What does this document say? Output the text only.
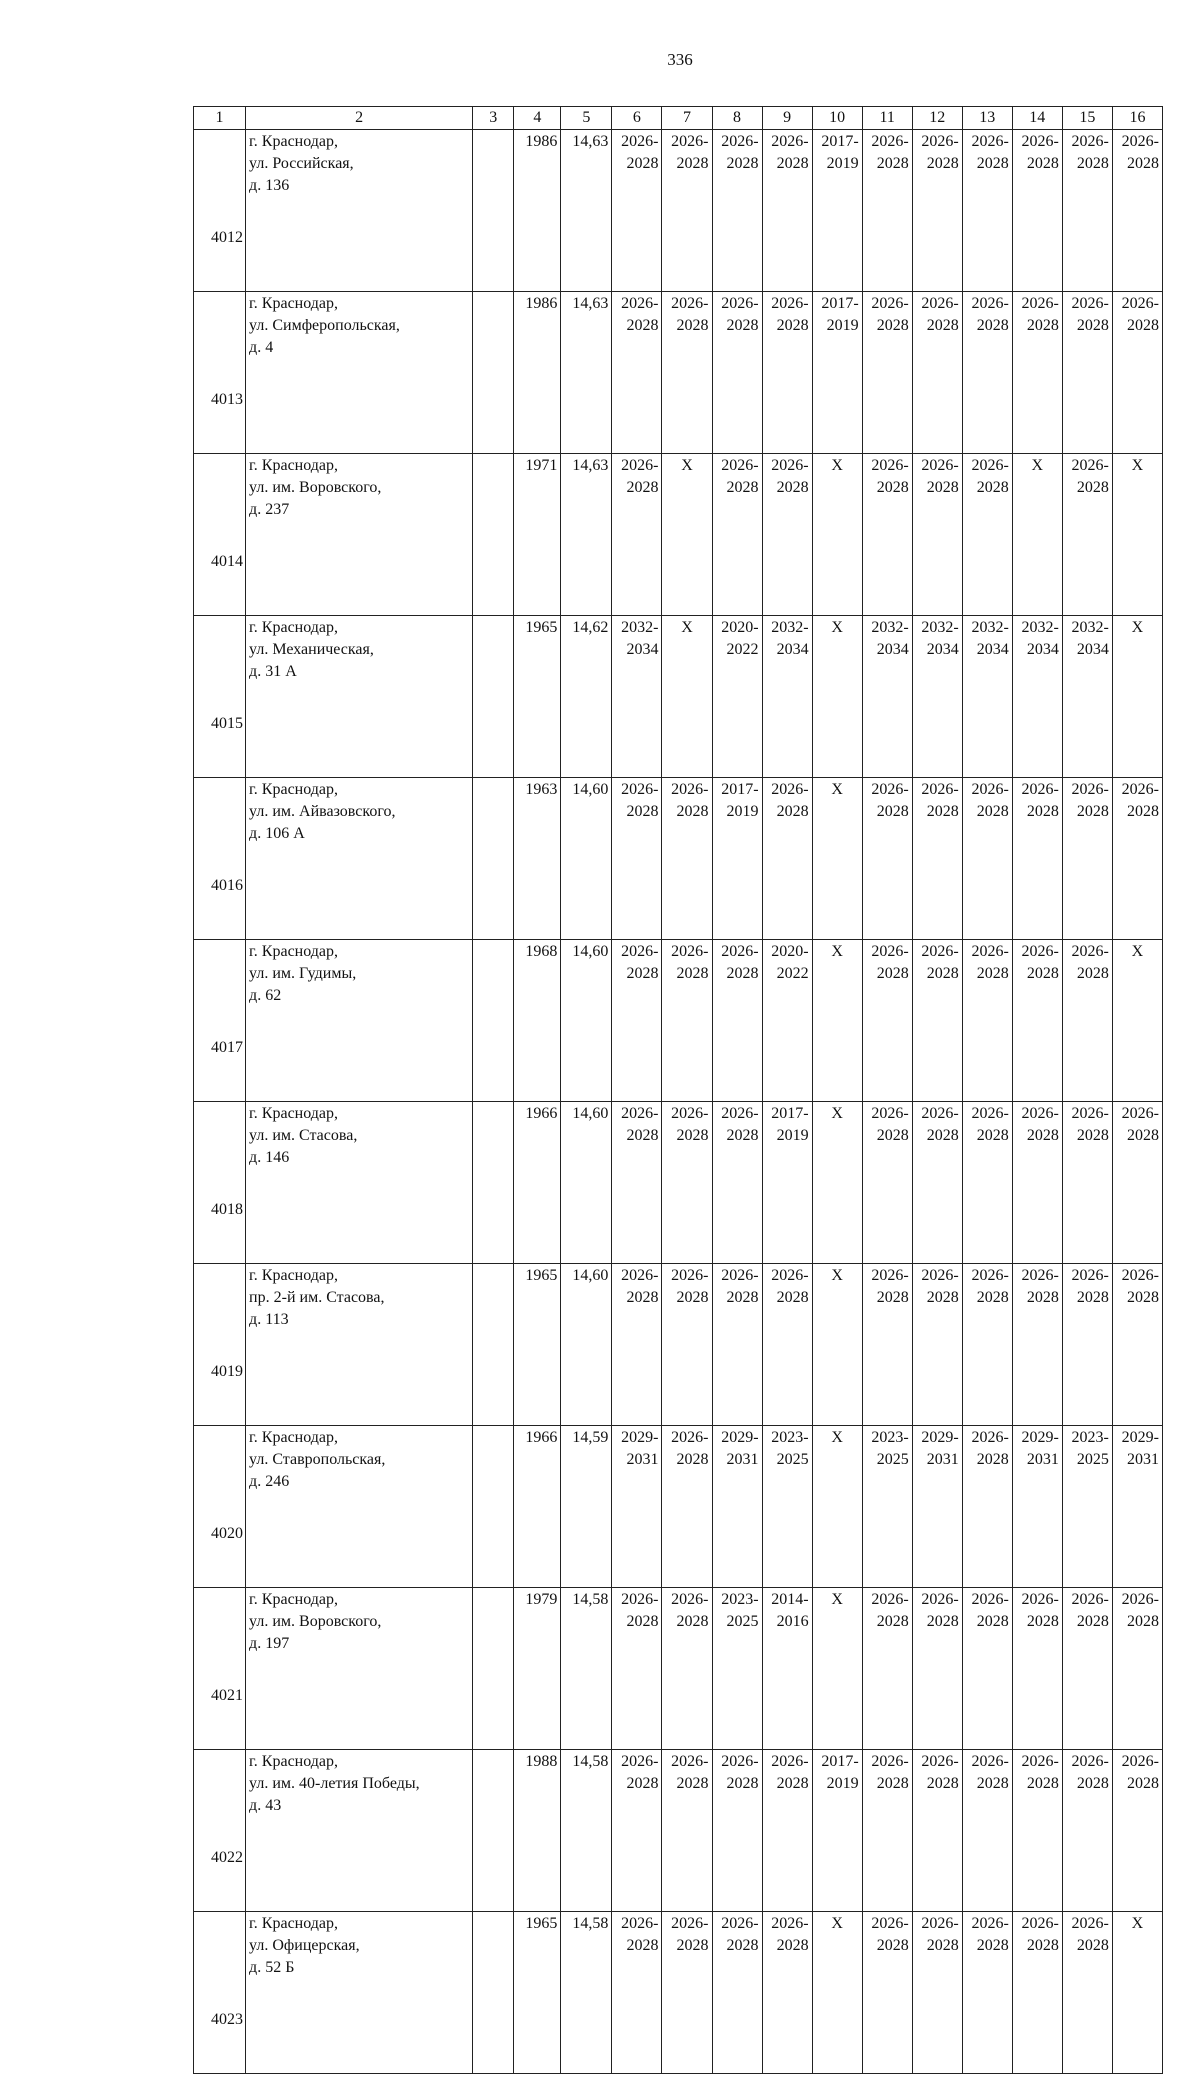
336
1	2	3	4	5	6	7	8	9	10	11	12	13	14	15	16
4012	г. Краснодар,
ул. Российская,
д. 136		1986	14,63	2026-
2028	2026-
2028	2026-
2028	2026-
2028	2017-
2019	2026-
2028	2026-
2028	2026-
2028	2026-
2028	2026-
2028	2026-
2028

4013	г. Краснодар,
ул. Симферопольская,
д. 4		1986	14,63	2026-
2028	2026-
2028	2026-
2028	2026-
2028	2017-
2019	2026-
2028	2026-
2028	2026-
2028	2026-
2028	2026-
2028	2026-
2028

4014	г. Краснодар,
ул. им. Воровского,
д. 237		1971	14,63	2026-
2028	X	2026-
2028	2026-
2028	X	2026-
2028	2026-
2028	2026-
2028	X	2026-
2028	X
4015	г. Краснодар,
ул. Механическая,
д. 31 А		1965	14,62	2032-
2034	X	2020-
2022	2032-
2034	X	2032-
2034	2032-
2034	2032-
2034	2032-
2034	2032-
2034	X
4016	г. Краснодар,
ул. им. Айвазовского,
д. 106 А		1963	14,60	2026-
2028	2026-
2028	2017-
2019	2026-
2028	X	2026-
2028	2026-
2028	2026-
2028	2026-
2028	2026-
2028	2026-
2028

4017	г. Краснодар,
ул. им. Гудимы,
д. 62		1968	14,60	2026-
2028	2026-
2028	2026-
2028	2020-
2022	X	2026-
2028	2026-
2028	2026-
2028	2026-
2028	2026-
2028	X
4018	г. Краснодар,
ул. им. Стасова,
д. 146		1966	14,60	2026-
2028	2026-
2028	2026-
2028	2017-
2019	X	2026-
2028	2026-
2028	2026-
2028	2026-
2028	2026-
2028	2026-
2028

4019	г. Краснодар,
пр. 2-й им. Стасова,
д. 113		1965	14,60	2026-
2028	2026-
2028	2026-
2028	2026-
2028	X	2026-
2028	2026-
2028	2026-
2028	2026-
2028	2026-
2028	2026-
2028

4020	г. Краснодар,
ул. Ставропольская,
д. 246		1966	14,59	2029-
2031	2026-
2028	2029-
2031	2023-
2025	X	2023-
2025	2029-
2031	2026-
2028	2029-
2031	2023-
2025	2029-
2031

4021	г. Краснодар,
ул. им. Воровского,
д. 197		1979	14,58	2026-
2028	2026-
2028	2023-
2025	2014-
2016	X	2026-
2028	2026-
2028	2026-
2028	2026-
2028	2026-
2028	2026-
2028

4022	г. Краснодар,
ул. им. 40-летия Победы,
д. 43		1988	14,58	2026-
2028	2026-
2028	2026-
2028	2026-
2028	2017-
2019	2026-
2028	2026-
2028	2026-
2028	2026-
2028	2026-
2028	2026-
2028

4023	г. Краснодар,
ул. Офицерская,
д. 52 Б		1965	14,58	2026-
2028	2026-
2028	2026-
2028	2026-
2028	X	2026-
2028	2026-
2028	2026-
2028	2026-
2028	2026-
2028	X
